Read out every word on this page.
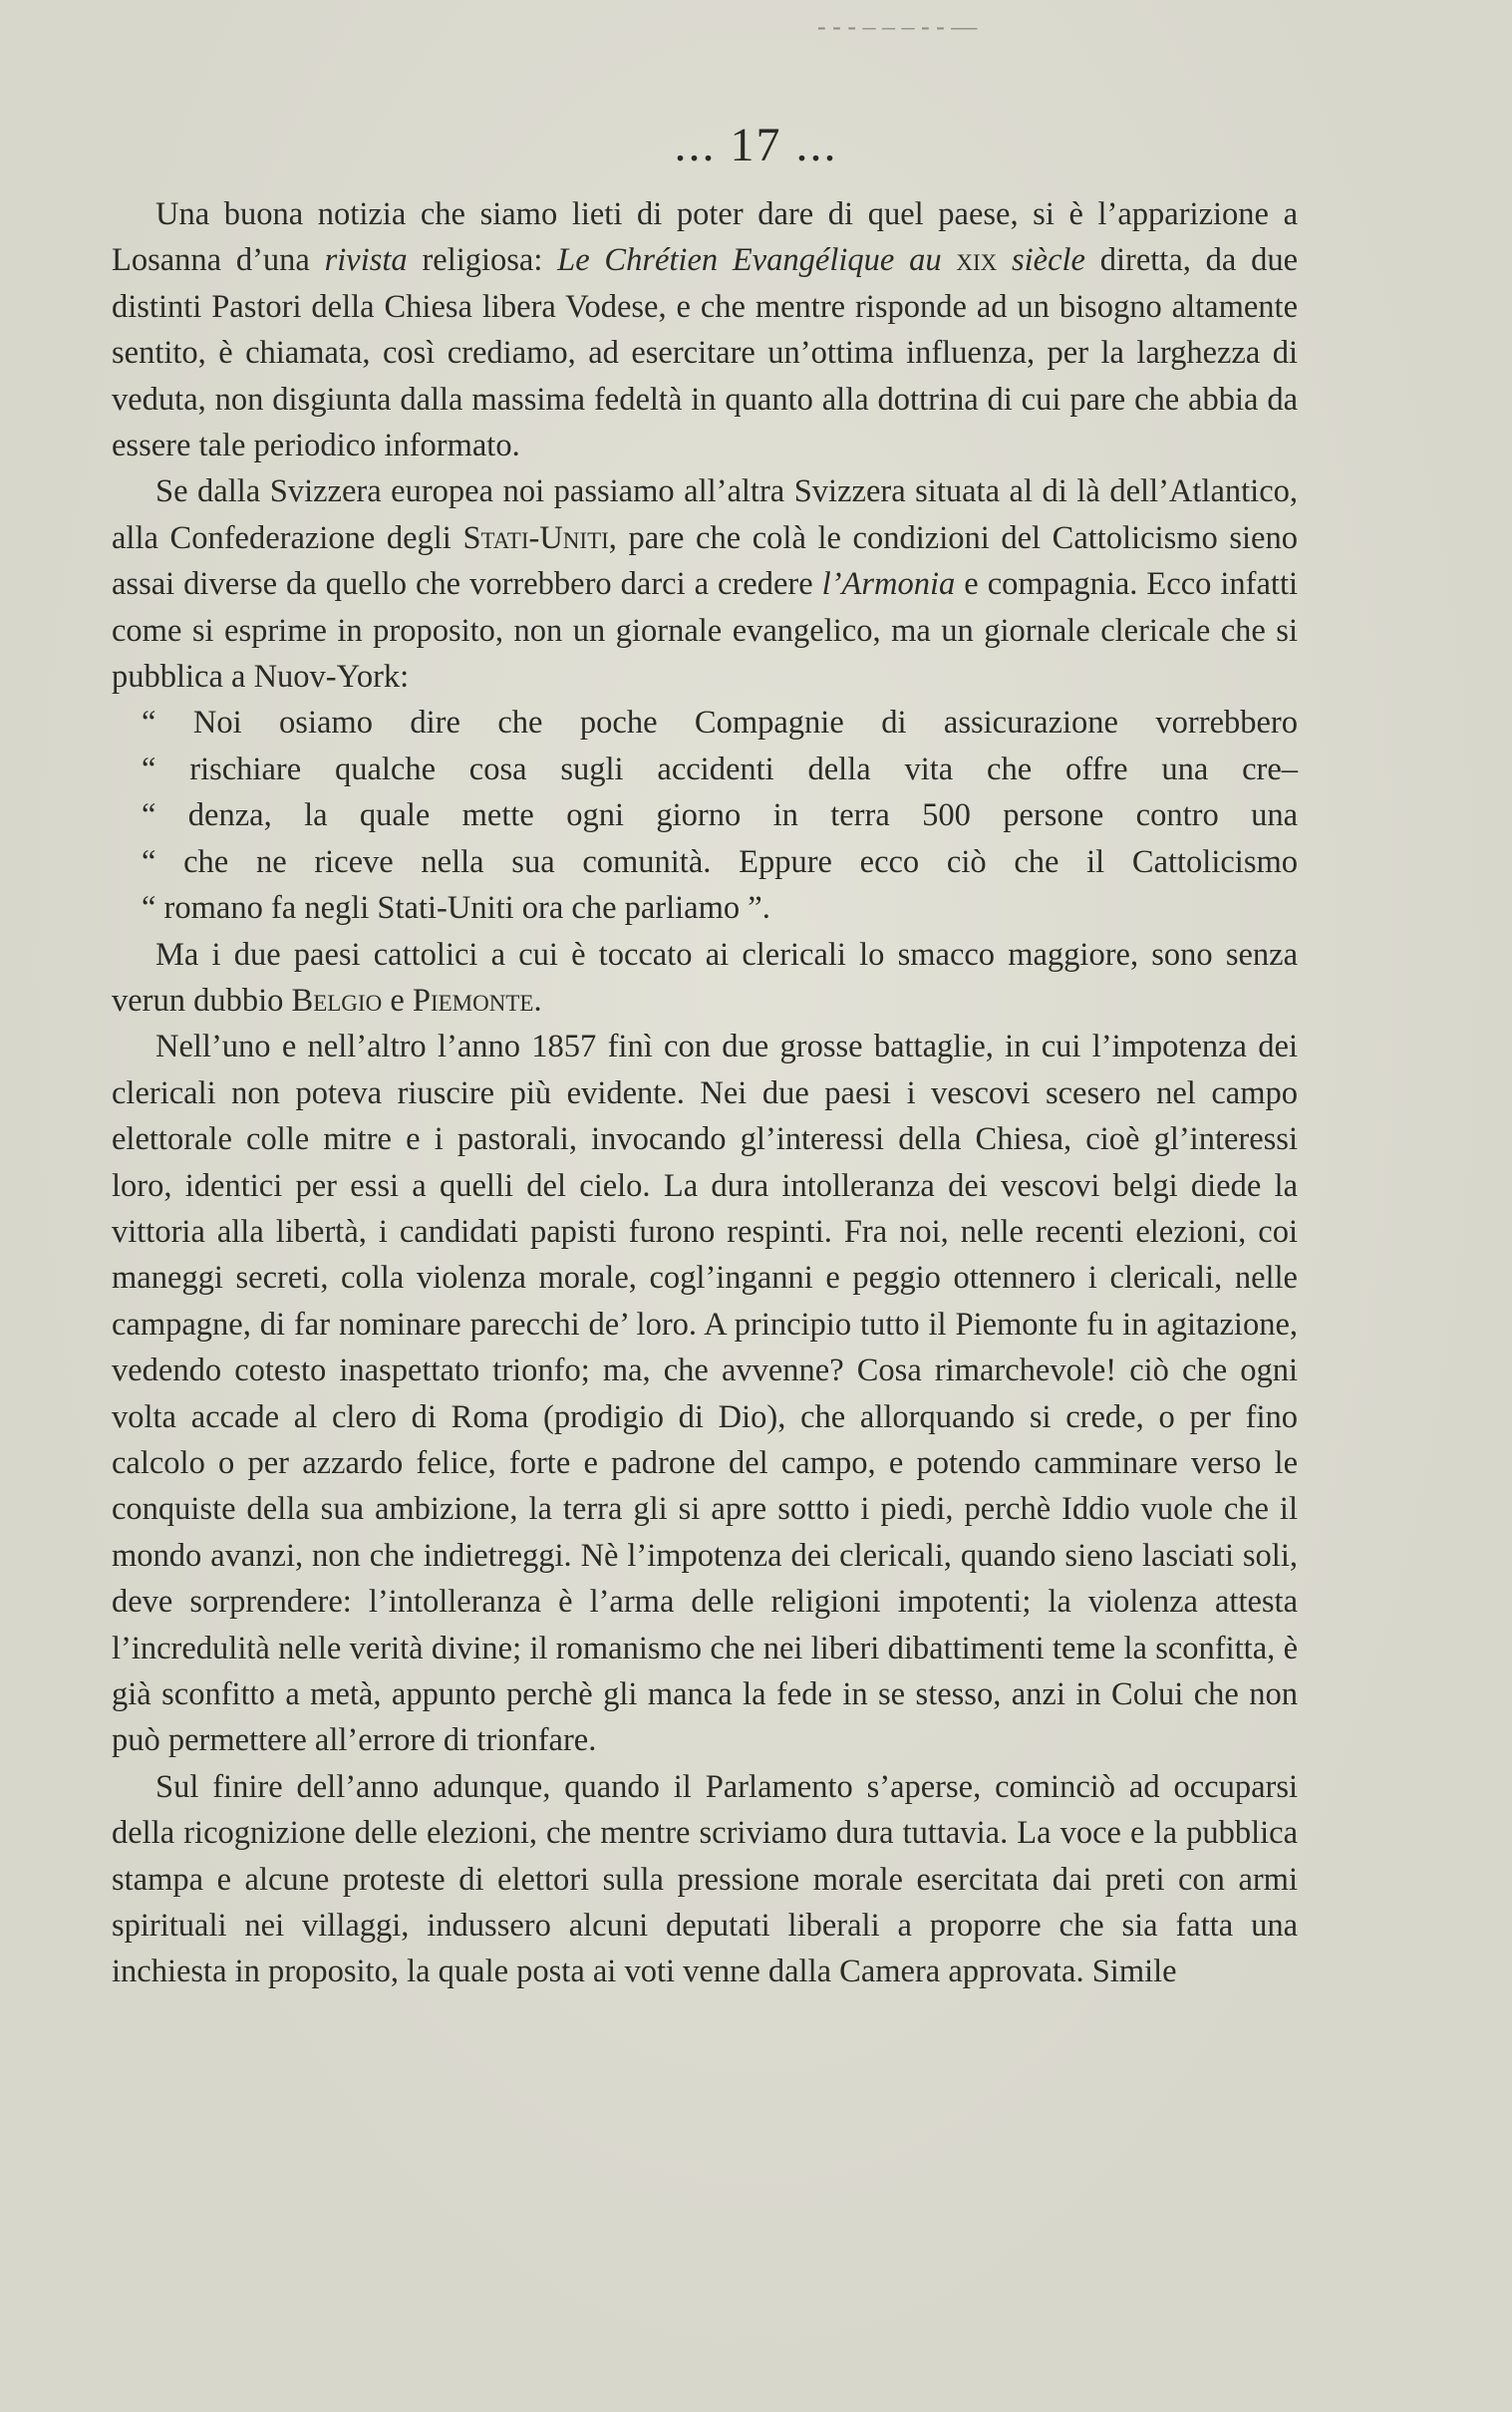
- - - ‒ ‒ ‒ - - —
... 17 ...

Una buona notizia che siamo lieti di poter dare di quel paese, si è l’apparizione a Losanna d’una rivista religiosa: Le Chrétien Evangélique au xix siècle diretta, da due distinti Pastori della Chiesa libera Vodese, e che mentre risponde ad un bisogno altamente sentito, è chiamata, così crediamo, ad esercitare un’ottima influenza, per la larghezza di veduta, non disgiunta dalla massima fedeltà in quanto alla dottrina di cui pare che abbia da essere tale periodico informato.

Se dalla Svizzera europea noi passiamo all’altra Svizzera situata al di là dell’Atlantico, alla Confederazione degli Stati-Uniti, pare che colà le condizioni del Cattolicismo sieno assai diverse da quello che vorrebbero darci a credere l’Armonia e compagnia. Ecco infatti come si esprime in proposito, non un giornale evangelico, ma un giornale clericale che si pubblica a Nuov-York:

“ Noi osiamo dire che poche Compagnie di assicurazione vorrebbero
“ rischiare qualche cosa sugli accidenti della vita che offre una cre–
“ denza, la quale mette ogni giorno in terra 500 persone contro una
“ che ne riceve nella sua comunità. Eppure ecco ciò che il Cattolicismo
“ romano fa negli Stati-Uniti ora che parliamo ”.

Ma i due paesi cattolici a cui è toccato ai clericali lo smacco maggiore, sono senza verun dubbio Belgio e Piemonte.

Nell’uno e nell’altro l’anno 1857 finì con due grosse battaglie, in cui l’impotenza dei clericali non poteva riuscire più evidente. Nei due paesi i vescovi scesero nel campo elettorale colle mitre e i pastorali, invocando gl’interessi della Chiesa, cioè gl’interessi loro, identici per essi a quelli del cielo. La dura intolleranza dei vescovi belgi diede la vittoria alla libertà, i candidati papisti furono respinti. Fra noi, nelle recenti elezioni, coi maneggi secreti, colla violenza morale, cogl’inganni e peggio ottennero i clericali, nelle campagne, di far nominare parecchi de’ loro. A principio tutto il Piemonte fu in agitazione, vedendo cotesto inaspettato trionfo; ma, che avvenne? Cosa rimarchevole! ciò che ogni volta accade al clero di Roma (prodigio di Dio), che allorquando si crede, o per fino calcolo o per azzardo felice, forte e padrone del campo, e potendo camminare verso le conquiste della sua ambizione, la terra gli si apre sottto i piedi, perchè Iddio vuole che il mondo avanzi, non che indietreggi. Nè l’impotenza dei clericali, quando sieno lasciati soli, deve sorprendere: l’intolleranza è l’arma delle religioni impotenti; la violenza attesta l’incredulità nelle verità divine; il romanismo che nei liberi dibattimenti teme la sconfitta, è già sconfitto a metà, appunto perchè gli manca la fede in se stesso, anzi in Colui che non può permettere all’errore di trionfare.

Sul finire dell’anno adunque, quando il Parlamento s’aperse, cominciò ad occuparsi della ricognizione delle elezioni, che mentre scriviamo dura tuttavia. La voce e la pubblica stampa e alcune proteste di elettori sulla pressione morale esercitata dai preti con armi spirituali nei villaggi, indussero alcuni deputati liberali a proporre che sia fatta una inchiesta in proposito, la quale posta ai voti venne dalla Camera approvata. Simile
